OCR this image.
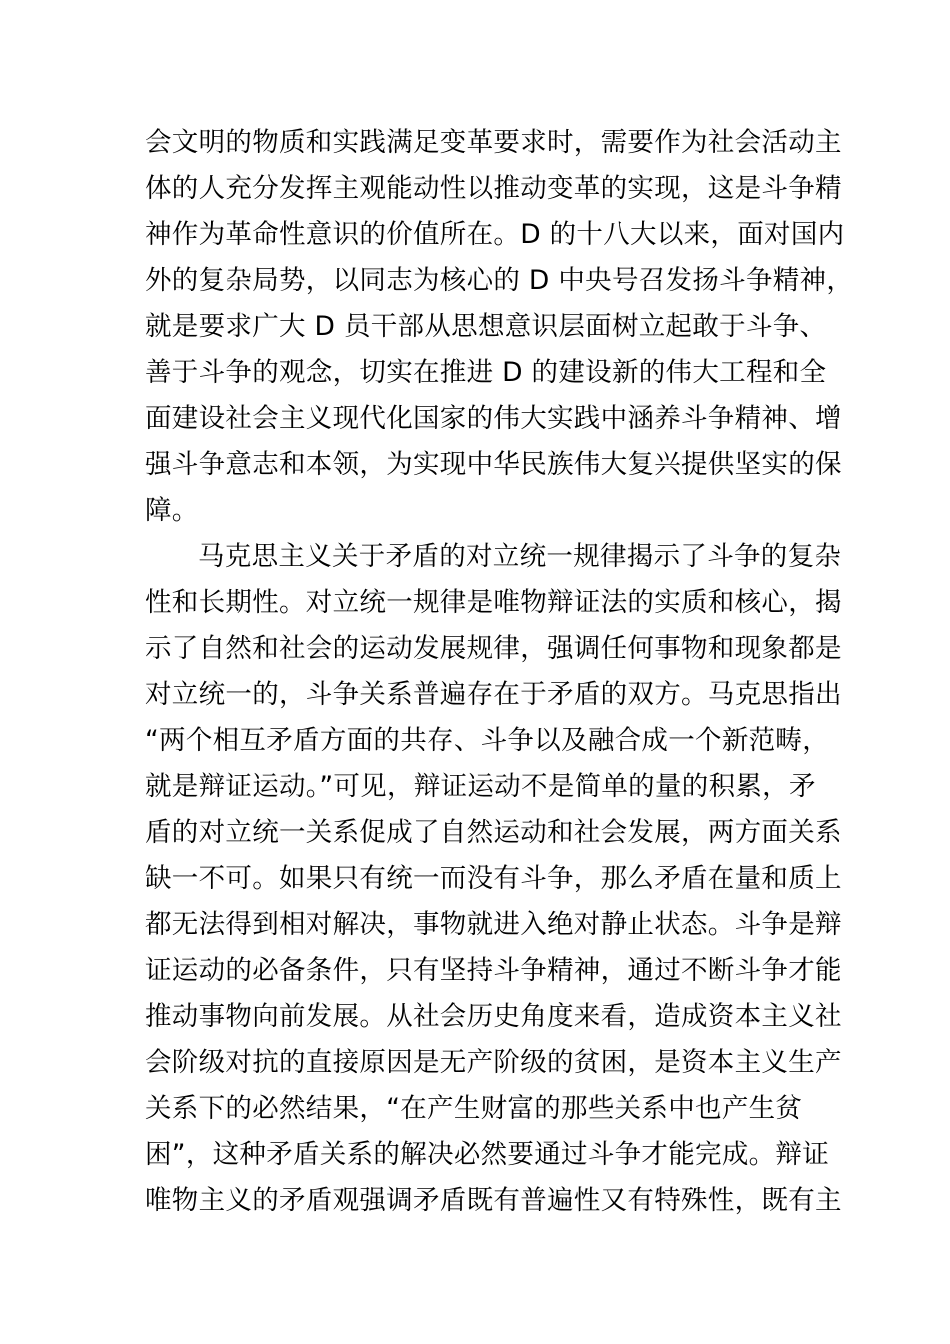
会文明的物质和实践满足变革要求时，需要作为社会活动主
体的人充分发挥主观能动性以推动变革的实现，这是斗争精
神作为革命性意识的价值所在。D 的十八大以来，面对国内
外的复杂局势，以同志为核心的 D 中央号召发扬斗争精神，
就是要求广大 D 员干部从思想意识层面树立起敢于斗争、
善于斗争的观念，切实在推进 D 的建设新的伟大工程和全
面建设社会主义现代化国家的伟大实践中涵养斗争精神、增
强斗争意志和本领，为实现中华民族伟大复兴提供坚实的保
障。
马克思主义关于矛盾的对立统一规律揭示了斗争的复杂
性和长期性。对立统一规律是唯物辩证法的实质和核心，揭
示了自然和社会的运动发展规律，强调任何事物和现象都是
对立统一的，斗争关系普遍存在于矛盾的双方。马克思指出
“两个相互矛盾方面的共存、斗争以及融合成一个新范畴，
就是辩证运动。”可见，辩证运动不是简单的量的积累，矛
盾的对立统一关系促成了自然运动和社会发展，两方面关系
缺一不可。如果只有统一而没有斗争，那么矛盾在量和质上
都无法得到相对解决，事物就进入绝对静止状态。斗争是辩
证运动的必备条件，只有坚持斗争精神，通过不断斗争才能
推动事物向前发展。从社会历史角度来看，造成资本主义社
会阶级对抗的直接原因是无产阶级的贫困，是资本主义生产
关系下的必然结果，“在产生财富的那些关系中也产生贫
困”，这种矛盾关系的解决必然要通过斗争才能完成。辩证
唯物主义的矛盾观强调矛盾既有普遍性又有特殊性，既有主
